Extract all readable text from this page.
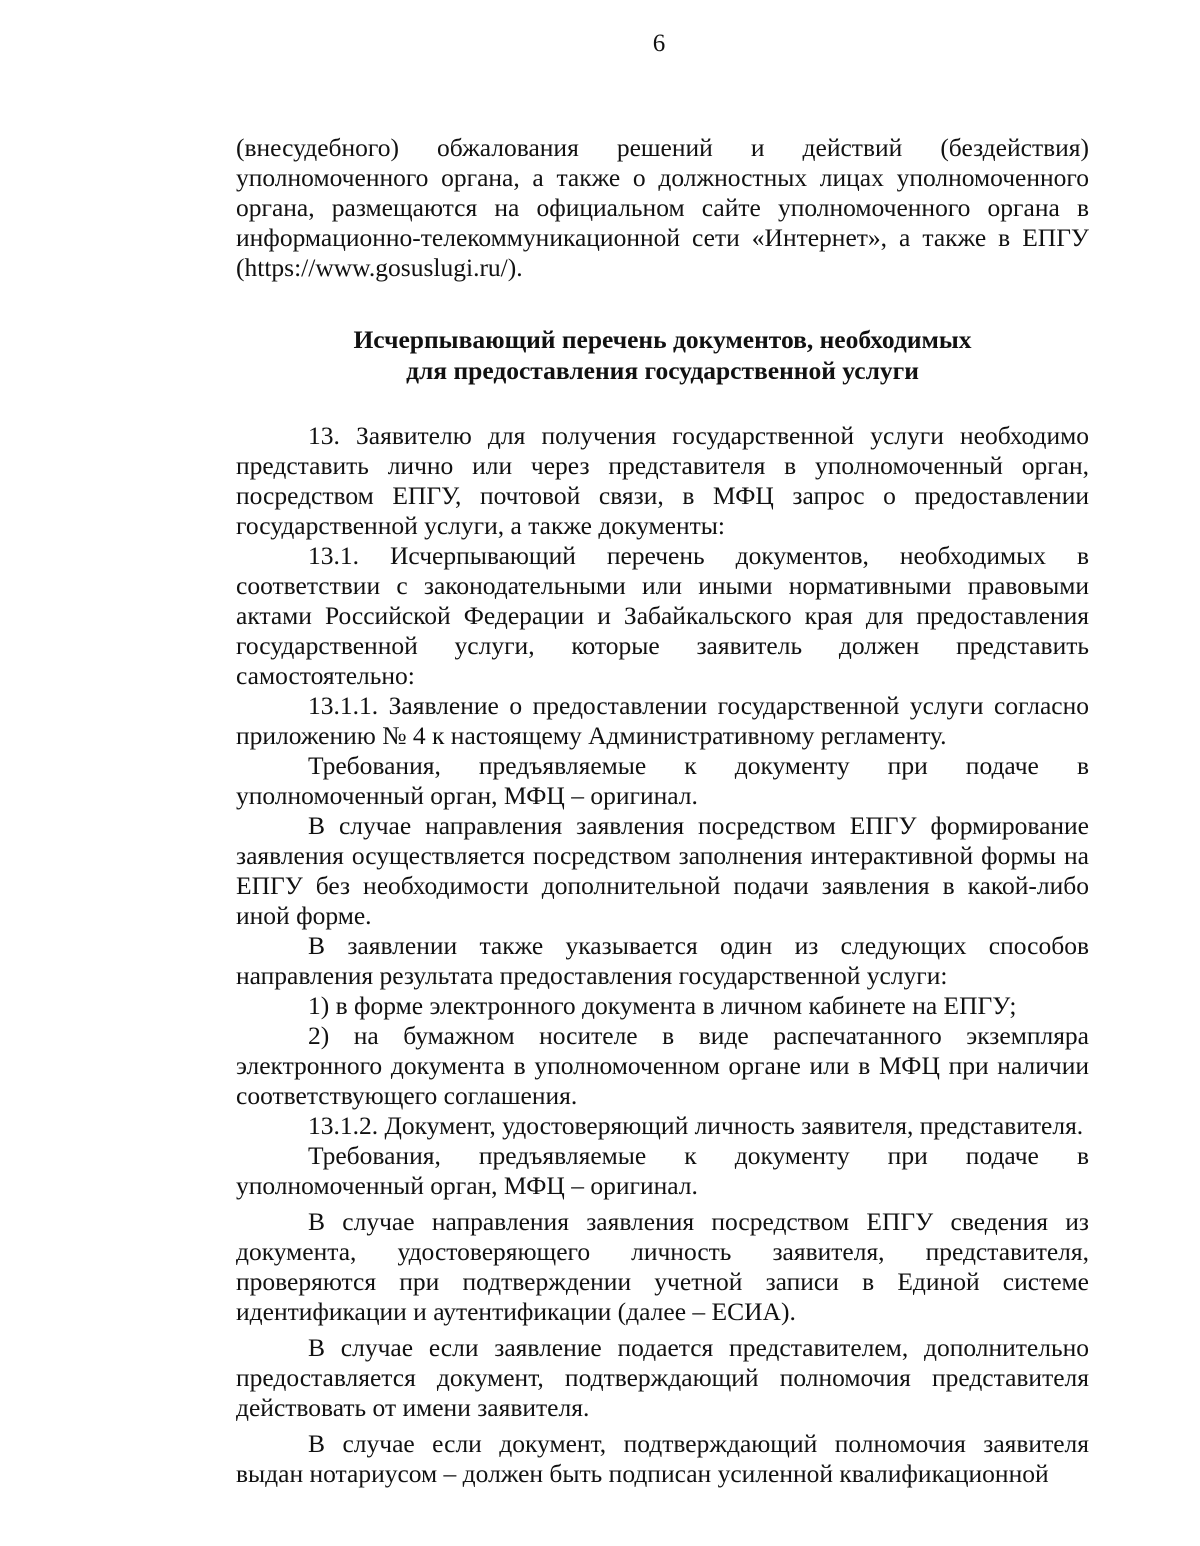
6

(внесудебного) обжалования решений и действий (бездействия) уполномоченного органа, а также о должностных лицах уполномоченного органа, размещаются на официальном сайте уполномоченного органа в информационно-телекоммуникационной сети «Интернет», а также в ЕПГУ (https://www.gosuslugi.ru/).

Исчерпывающий перечень документов, необходимых
для предоставления государственной услуги

13. Заявителю для получения государственной услуги необходимо представить лично или через представителя в уполномоченный орган, посредством ЕПГУ, почтовой связи, в МФЦ запрос о предоставлении государственной услуги, а также документы:

13.1. Исчерпывающий перечень документов, необходимых в соответствии с законодательными или иными нормативными правовыми актами Российской Федерации и Забайкальского края для предоставления государственной услуги, которые заявитель должен представить самостоятельно:

13.1.1. Заявление о предоставлении государственной услуги согласно приложению № 4 к настоящему Административному регламенту.

Требования, предъявляемые к документу при подаче в уполномоченный орган, МФЦ – оригинал.

В случае направления заявления посредством ЕПГУ формирование заявления осуществляется посредством заполнения интерактивной формы на ЕПГУ без необходимости дополнительной подачи заявления в какой-либо иной форме.

В заявлении также указывается один из следующих способов направления результата предоставления государственной услуги:

1) в форме электронного документа в личном кабинете на ЕПГУ;

2) на бумажном носителе в виде распечатанного экземпляра электронного документа в уполномоченном органе или в МФЦ при наличии соответствующего соглашения.

13.1.2. Документ, удостоверяющий личность заявителя, представителя.

Требования, предъявляемые к документу при подаче в уполномоченный орган, МФЦ – оригинал.

В случае направления заявления посредством ЕПГУ сведения из документа, удостоверяющего личность заявителя, представителя, проверяются при подтверждении учетной записи в Единой системе идентификации и аутентификации (далее – ЕСИА).

В случае если заявление подается представителем, дополнительно предоставляется документ, подтверждающий полномочия представителя действовать от имени заявителя.

В случае если документ, подтверждающий полномочия заявителя выдан нотариусом – должен быть подписан усиленной квалификационной
